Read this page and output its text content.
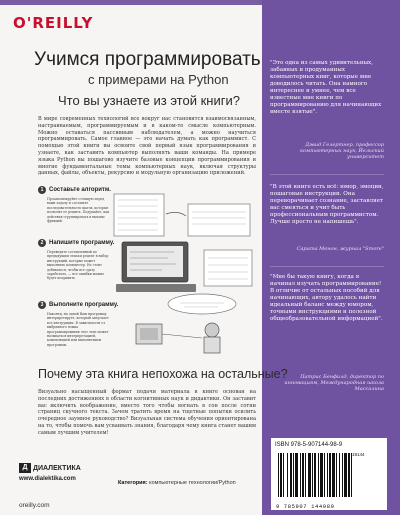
O'REILLY
Учимся программировать
с примерами на Python
Что вы узнаете из этой книги?

В мире современных технологий все вокруг нас становится взаимосвязанным, настраиваемым, программируемым и в каком-то смысле компьютерным. Можно оставаться пассивным наблюдателем, а можно научиться программировать. Самое главное — это начать думать как программист. С помощью этой книги вы освоите свой первый язык программирования и узнаете, как заставить компьютер выполнять ваши команды. На примере языка Python вы пошагово изучите базовые концепции программирования и многие фундаментальные темы компьютерных наук, включая структуры данных, файлы, объекты, рекурсию и модульную организацию приложений.

1 Составьте алгоритм.

Проанализируйте стоящую перед вами задачу и составьте последовательность шагов, которые позволят ее решить. Подумайте, как действия сгруппировать в вызовы функций.

2 Напишите программу.

Переведите составленный по предыдущим этапам рецепт в набор инструкций, которые может выполнить компьютер. Не стоит добиваться, чтобы все сразу заработало, — все ошибки можно будет исправить.

3 Выполните программу.

Наконец, на одной Ваш программу интерпретирует, который запускает все инструкции. В зависимости от выбранного языка программирования этот этап может называться интерпретацией, компиляцией или выполнением программы.

Почему эта книга непохожа на остальные?

Визуально насыщенный формат подачи материала в книге основан на последних достижениях в области когнитивных наук и дидактики. Он заставит вас включить воображение, вместо того чтобы вогнать в сон после сотни страниц скучного текста. Зачем тратить время на тщетные попытки осилить очередное заумное руководство? Визуальная система обучения ориентирована на то, чтобы помочь вам усваивать знания, благодаря чему книга станет вашим самым лучшим учителем!

Д ДИАЛЕКТИКА
www.dialektika.com
oreilly.com
Категория: компьютерные технологии/Python

"Это одна из самых удивительных, забавных и продуманных компьютерных книг, которые мне доводилось читать. Она намного интереснее и умнее, чем все известные мне книги по программированию для начинающих вместе взятые".

Дэвид Гелертнер, профессор компьютерных наук, Йельский университет

"В этой книге есть всё: юмор, эмоции, пошаговые инструкции. Она переворачивает сознание, заставляет вас смеяться и учит быть профессиональным программистом. Лучше просто не напишешь".

Сарита Менон, журнал "Smore"

"Мне бы такую книгу, когда я начинал изучать программирование! В отличие от остальных пособий для начинающих, автору удалось найти идеальный баланс между юмором, точными инструкциями и полезной общеобразовательной информацией".

Патрис Бенфилд, директор по инновациям, Международная школа Массалина

ISBN 978-5-907144-98-9
19144
9 785907 144989
